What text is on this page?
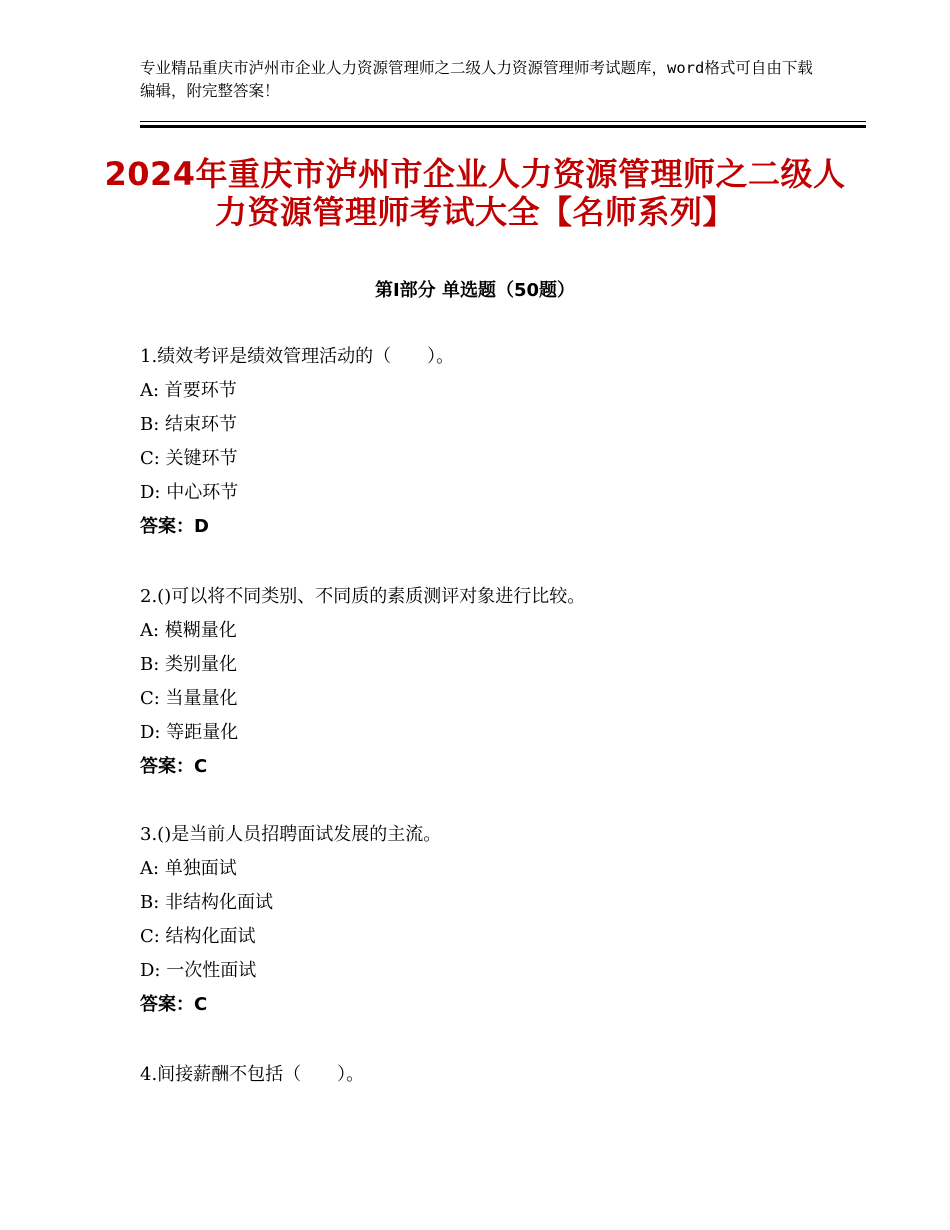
专业精品重庆市泸州市企业人力资源管理师之二级人力资源管理师考试题库，word格式可自由下载编辑，附完整答案！
2024年重庆市泸州市企业人力资源管理师之二级人力资源管理师考试大全【名师系列】
第I部分 单选题（50题）
1.绩效考评是绩效管理活动的（　　）。
A: 首要环节
B: 结束环节
C: 关键环节
D: 中心环节
答案：D
2.()可以将不同类别、不同质的素质测评对象进行比较。
A: 模糊量化
B: 类别量化
C: 当量量化
D: 等距量化
答案：C
3.()是当前人员招聘面试发展的主流。
A: 单独面试
B: 非结构化面试
C: 结构化面试
D: 一次性面试
答案：C
4.间接薪酬不包括（　　）。
